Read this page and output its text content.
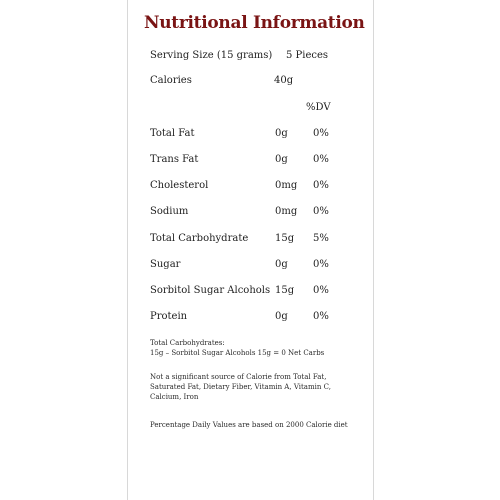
Nutritional Information
Serving Size (15 grams) 5 Pieces
Calories	40g
%DV
Total Fat	0g	0%
Trans Fat	0g	0%
Cholesterol	0mg 0%
Sodium	0mg 0%
Total Carbohydrate	15g 5%
Sugar	0g	0%
Sorbitol Sugar Alcohols 15g 0%
Protein	0g	0%
Total Carbohydrates:
15g – Sorbitol Sugar Alcohols 15g = 0 Net Carbs
Not a significant source of Calorie from Total Fat, Saturated Fat, Dietary Fiber, Vitamin A, Vitamin C, Calcium, Iron
Percentage Daily Values are based on 2000 Calorie diet
